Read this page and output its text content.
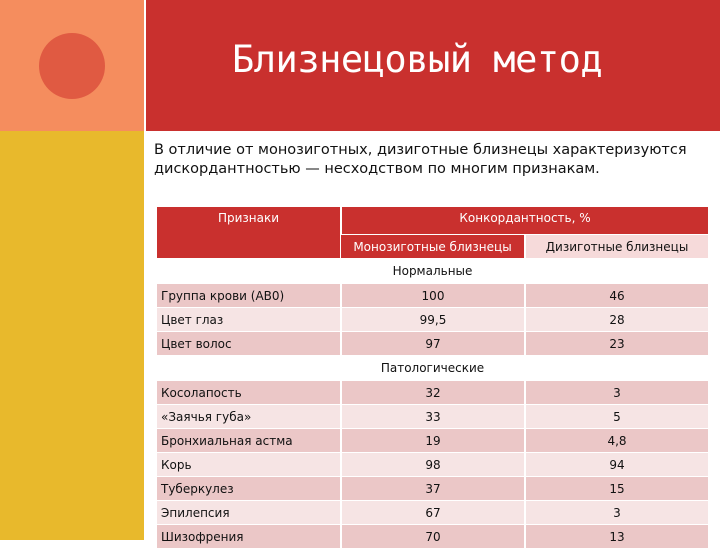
Близнецовый метод

В отличие от монозиготных, дизиготные близнецы характеризуются дискордантностью — несходством по многим признакам.

Признаки	Конкордантность, %	
	Монозиготные близнецы	Дизиготные близнецы
Нормальные		
Группа крови (АВ0)	100	46
Цвет глаз	99,5	28
Цвет волос	97	23
Патологические		
Косолапость	32	3
«Заячья губа»	33	5
Бронхиальная астма	19	4,8
Корь	98	94
Туберкулез	37	15
Эпилепсия	67	3
Шизофрения	70	13
